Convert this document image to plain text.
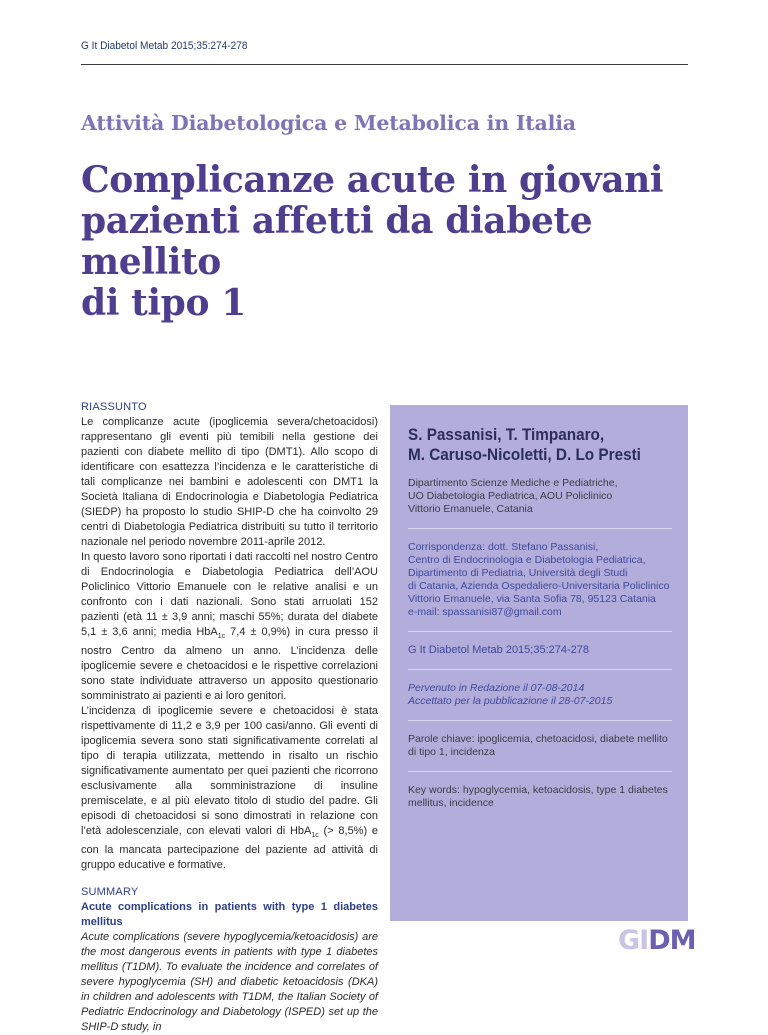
G It Diabetol Metab 2015;35:274-278
Attività Diabetologica e Metabolica in Italia
Complicanze acute in giovani
pazienti affetti da diabete mellito
di tipo 1
RIASSUNTO

Le complicanze acute (ipoglicemia severa/chetoacidosi) rappresentano gli eventi più temibili nella gestione dei pazienti con diabete mellito di tipo (DMT1). Allo scopo di identificare con esattezza l’incidenza e le caratteristiche di tali complicanze nei bambini e adolescenti con DMT1 la Società Italiana di Endocrinologia e Diabetologia Pediatrica (SIEDP) ha proposto lo studio SHIP-D che ha coinvolto 29 centri di Diabetologia Pediatrica distribuiti su tutto il territorio nazionale nel periodo novembre 2011-aprile 2012.

In questo lavoro sono riportati i dati raccolti nel nostro Centro di Endocrinologia e Diabetologia Pediatrica dell’AOU Policlinico Vittorio Emanuele con le relative analisi e un confronto con i dati nazionali. Sono stati arruolati 152 pazienti (età 11 ± 3,9 anni; maschi 55%; durata del diabete 5,1 ± 3,6 anni; media HbA$_{1c}$ 7,4 ± 0,9%) in cura presso il nostro Centro da almeno un anno. L’incidenza delle ipoglicemie severe e chetoacidosi e le rispettive correlazioni sono state individuate attraverso un apposito questionario somministrato ai pazienti e ai loro genitori.

L’incidenza di ipoglicemie severe e chetoacidosi è stata rispettivamente di 11,2 e 3,9 per 100 casi/anno. Gli eventi di ipoglicemia severa sono stati significativamente correlati al tipo di terapia utilizzata, mettendo in risalto un rischio significativamente aumentato per quei pazienti che ricorrono esclusivamente alla somministrazione di insuline premiscelate, e al più elevato titolo di studio del padre. Gli episodi di chetoacidosi si sono dimostrati in relazione con l’età adolescenziale, con elevati valori di HbA$_{1c}$ (> 8,5%) e con la mancata partecipazione del paziente ad attività di gruppo educative e formative.

SUMMARY

Acute complications in patients with type 1 diabetes mellitus

Acute complications (severe hypoglycemia/ketoacidosis) are the most dangerous events in patients with type 1 diabetes mellitus (T1DM). To evaluate the incidence and correlates of severe hypoglycemia (SH) and diabetic ketoacidosis (DKA) in children and adolescents with T1DM, the Italian Society of Pediatric Endocrinology and Diabetology (ISPED) set up the SHIP-D study, in

S. Passanisi, T. Timpanaro,
M. Caruso-Nicoletti, D. Lo Presti

Dipartimento Scienze Mediche e Pediatriche,

UO Diabetologia Pediatrica, AOU Policlinico

Vittorio Emanuele, Catania

Corrispondenza: dott. Stefano Passanisi,

Centro di Endocrinologia e Diabetologia Pediatrica,

Dipartimento di Pediatria, Università degli Studi

di Catania, Azienda Ospedaliero-Universitaria Policlinico

Vittorio Emanuele, via Santa Sofia 78, 95123 Catania

e-mail: spassanisi87@gmail.com

G It Diabetol Metab 2015;35:274-278

Pervenuto in Redazione il 07-08-2014

Accettato per la pubblicazione il 28-07-2015

Parole chiave: ipoglicemia, chetoacidosi, diabete mellito di tipo 1, incidenza

Key words: hypoglycemia, ketoacidosis, type 1 diabetes mellitus, incidence

GIDM
